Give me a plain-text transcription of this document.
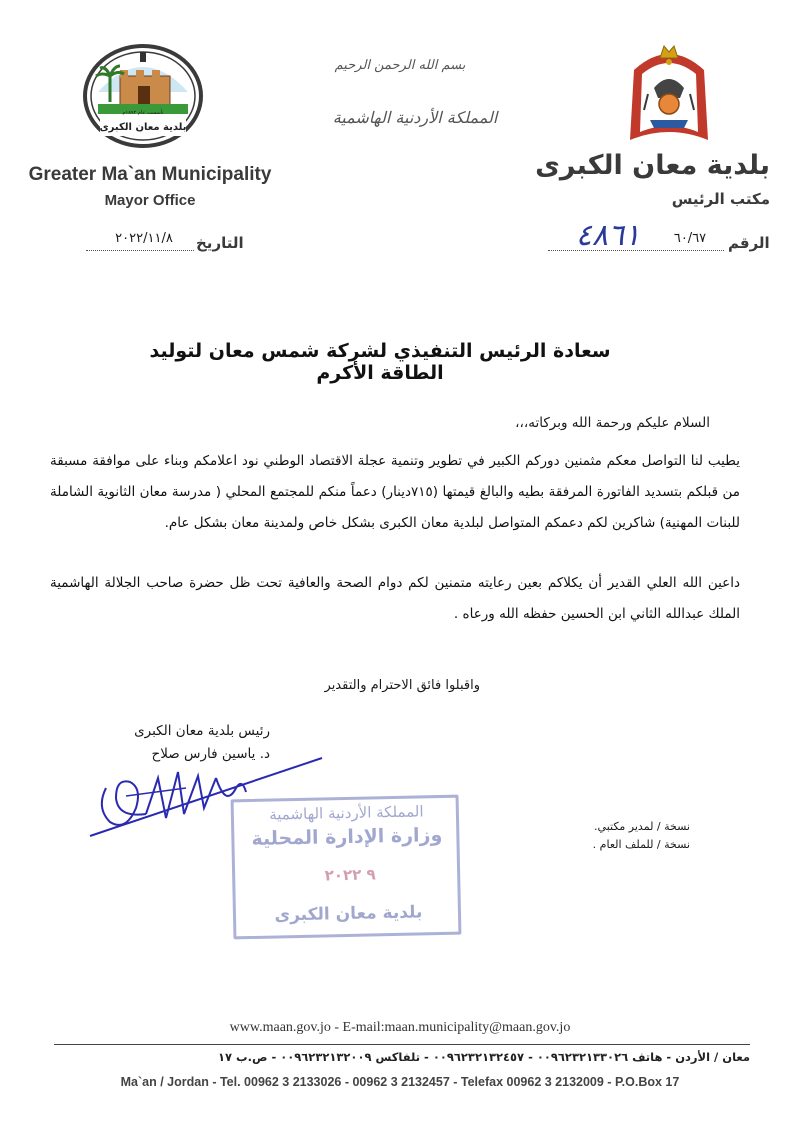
بلدية معان الكبرى
تأسست عام ١٨٩٢م
Greater Ma`an Municipality
Mayor Office
بسم الله الرحمن الرحيم
المملكة الأردنية الهاشمية
بلدية معان الكبرى
مكتب الرئيس
التاريخ
٢٠٢٢/١١/٨	الرقم
٦٠/٦٧
٤٨٦١
سعادة الرئيس التنفيذي لشركة شمس معان لتوليد الطاقة الأكرم
السلام عليكم ورحمة الله وبركاته،،،
يطيب لنا التواصل معكم مثمنين دوركم الكبير في تطوير وتنمية عجلة الاقتصاد الوطني نود اعلامكم وبناء على موافقة مسبقة من قبلكم بتسديد الفاتورة المرفقة بطيه والبالغ قيمتها (٧١٥دينار) دعماً منكم للمجتمع المحلي ( مدرسة معان الثانوية الشاملة للبنات المهنية) شاكرين لكم دعمكم المتواصل لبلدية معان الكبرى بشكل خاص ولمدينة معان بشكل عام.
داعين الله العلي القدير أن يكلاكم بعين رعايته متمنين لكم دوام الصحة والعافية تحت ظل حضرة صاحب الجلالة الهاشمية الملك عبدالله الثاني ابن الحسين حفظه الله ورعاه .
واقبلوا فائق الاحترام والتقدير
رئيس بلدية معان الكبرى
د. ياسين فارس صلاح
نسخة / لمدير مكتبي.
نسخة / للملف العام .
المملكة الأردنية الهاشمية
وزارة الإدارة المحلية
٩ ٢٠٢٢
بلدية معان الكبرى
www.maan.gov.jo - E-mail:maan.municipality@maan.gov.jo
معان / الأردن - هاتف ٠٠٩٦٢٣٢١٣٣٠٢٦ - ٠٠٩٦٢٣٢١٣٢٤٥٧ - تلفاكس ٠٠٩٦٢٣٢١٣٢٠٠٩ - ص.ب ١٧
Ma`an / Jordan - Tel. 00962 3 2133026 - 00962 3 2132457 - Telefax 00962 3 2132009 - P.O.Box 17
